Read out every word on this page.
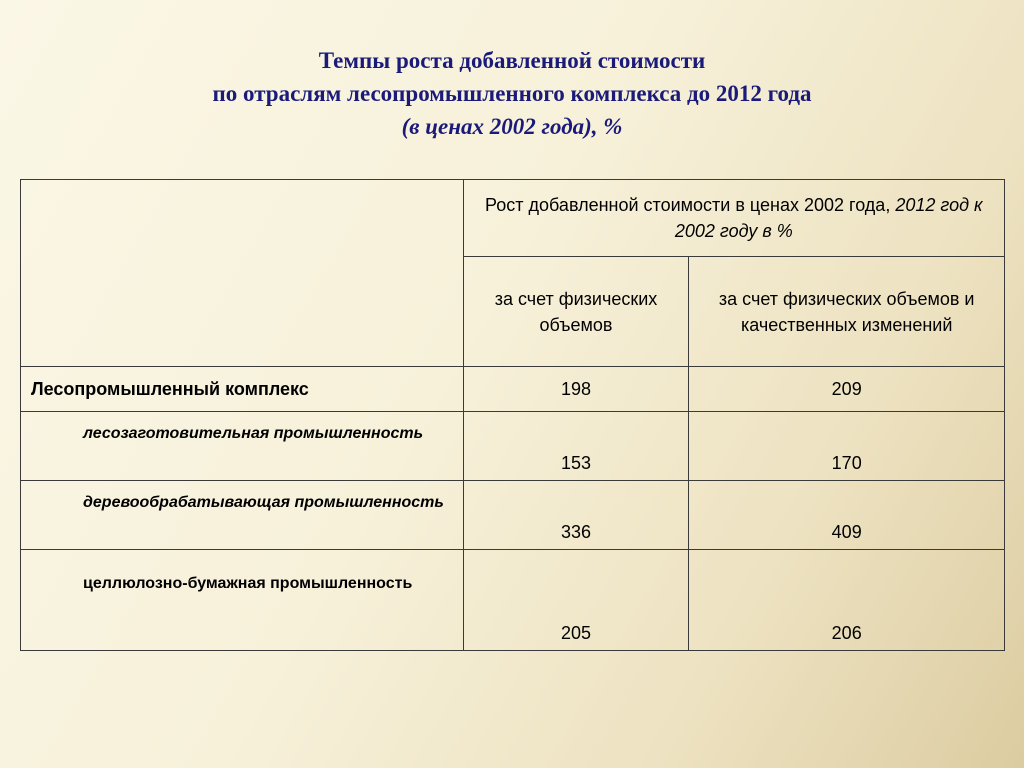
Темпы роста добавленной стоимости
по отраслям лесопромышленного комплекса до 2012 года
(в ценах 2002 года), %
	Рост добавленной стоимости в ценах 2002 года, 2012 год к 2002 году в %	
	за счет физических объемов	за счет физических объемов и качественных изменений
Лесопромышленный комплекс	198	209
лесозаготовительная промышленность	153	170
деревообрабатывающая промышленность	336	409
целлюлозно-бумажная промышленность	205	206
